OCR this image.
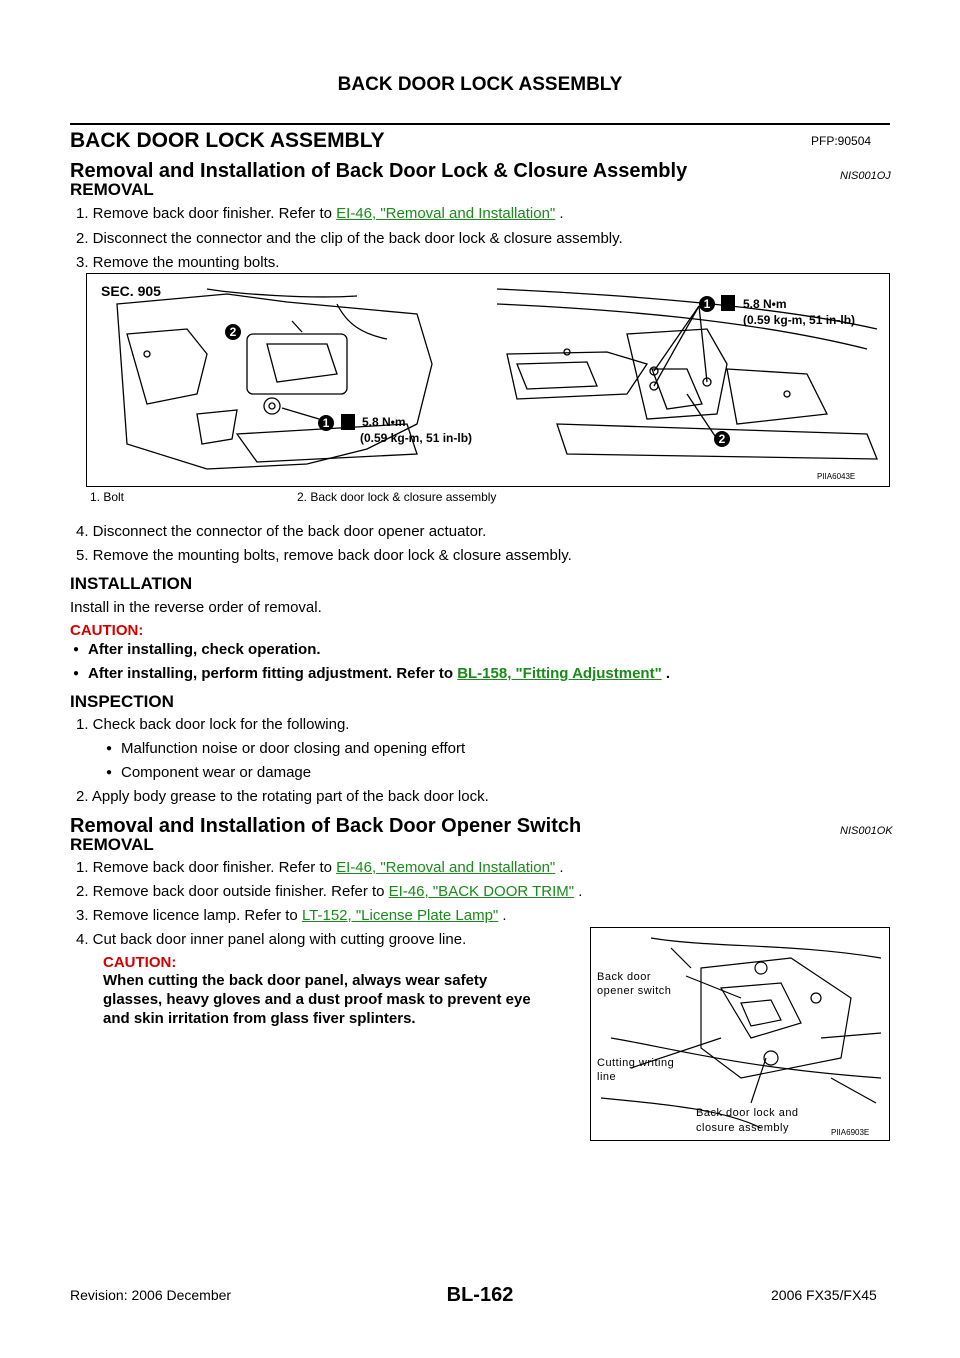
BACK DOOR LOCK ASSEMBLY
BACK DOOR LOCK ASSEMBLY	PFP:90504
Removal and Installation of Back Door Lock & Closure Assembly	NIS001OJ
REMOVAL
1. Remove back door finisher. Refer to EI-46, "Removal and Installation" .
2. Disconnect the connector and the clip of the back door lock & closure assembly.
3. Remove the mounting bolts.
2
1
1
2
SEC. 905
5.8 N•m
(0.59 kg-m, 51 in-lb)
5.8 N•m
(0.59 kg-m, 51 in-lb)
PIIA6043E
1. Bolt	2. Back door lock & closure assembly
4. Disconnect the connector of the back door opener actuator.
5. Remove the mounting bolts, remove back door lock & closure assembly.
INSTALLATION
Install in the reverse order of removal.
CAUTION:
● After installing, check operation.
● After installing, perform fitting adjustment. Refer to BL-158, "Fitting Adjustment" .
INSPECTION
1. Check back door lock for the following.
● Malfunction noise or door closing and opening effort
● Component wear or damage
2. Apply body grease to the rotating part of the back door lock.
Removal and Installation of Back Door Opener Switch	NIS001OK
REMOVAL
1. Remove back door finisher. Refer to EI-46, "Removal and Installation" .
2. Remove back door outside finisher. Refer to EI-46, "BACK DOOR TRIM" .
3. Remove licence lamp. Refer to LT-152, "License Plate Lamp" .
4. Cut back door inner panel along with cutting groove line.
CAUTION:
When cutting the back door panel, always wear safety
glasses, heavy gloves and a dust proof mask to prevent eye
and skin irritation from glass fiver splinters.
Back door
opener switch
Cutting writing
line
Back door lock and
closure assembly	PIIA6903E
BL-162
Revision: 2006 December	2006 FX35/FX45
